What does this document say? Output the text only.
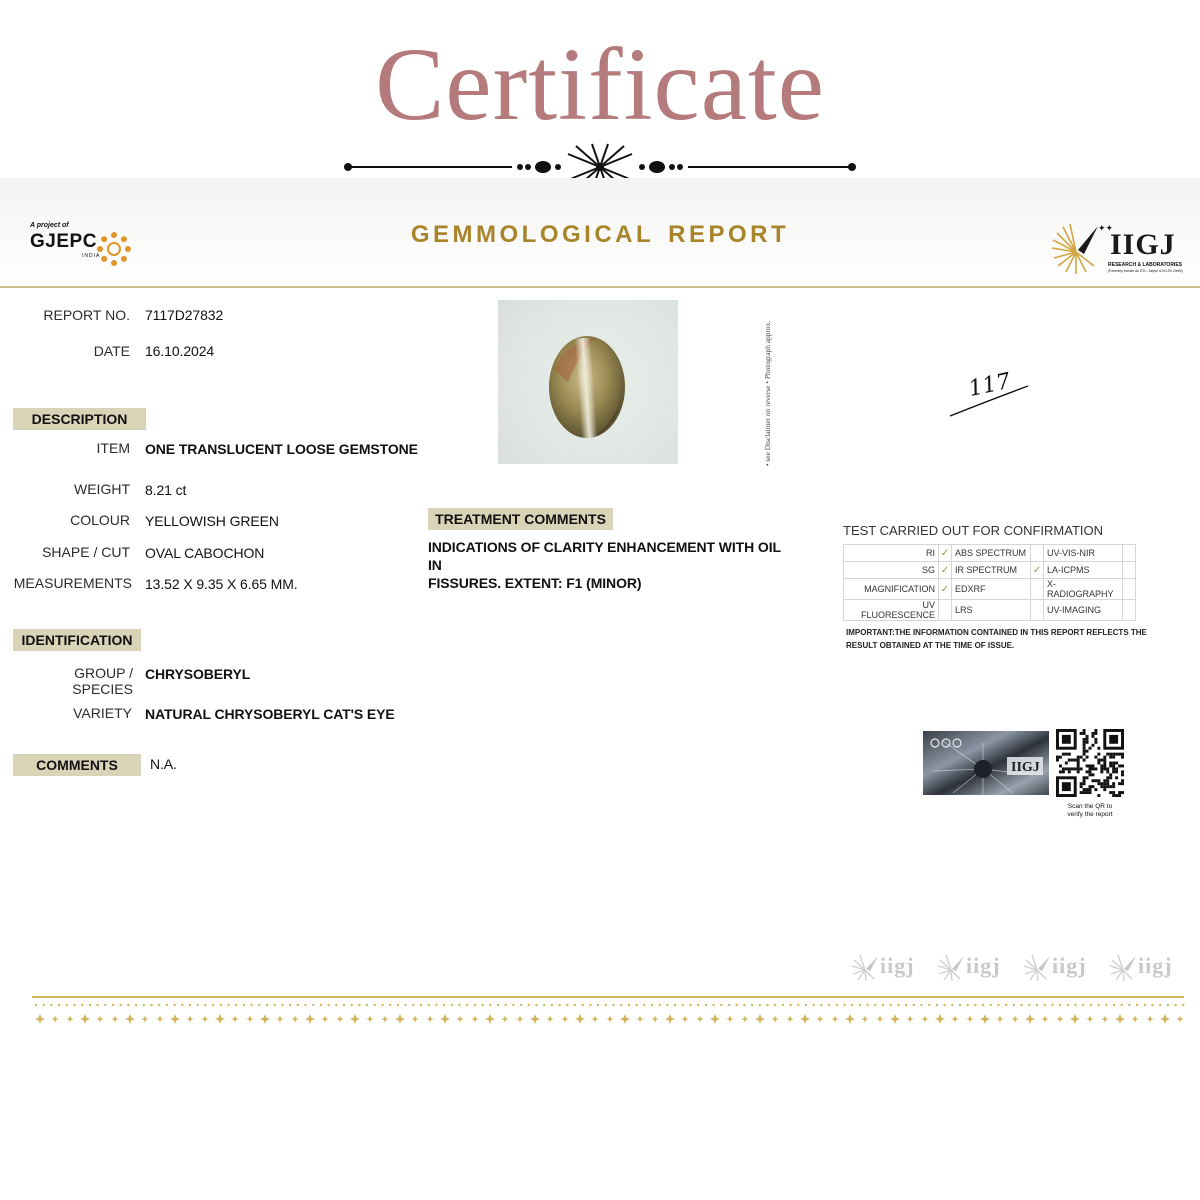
Certificate
GEMMOLOGICAL REPORT
A project of
GJEPC
INDIA
✦✦
IIGJ
RESEARCH & LABORATORIES
(Formerly known as GTL, Jaipur & IIG-RL Delhi)
REPORT NO. 7117D27832
DATE 16.10.2024
DESCRIPTION
ITEM ONE TRANSLUCENT LOOSE GEMSTONE
WEIGHT 8.21 ct
COLOUR YELLOWISH GREEN
SHAPE / CUT OVAL CABOCHON
MEASUREMENTS 13.52 X 9.35 X 6.65 MM.
IDENTIFICATION
GROUP / SPECIES
CHRYSOBERYL
VARIETY NATURAL CHRYSOBERYL CAT'S EYE
COMMENTS	N.A.
• see Disclaimer on reverse • Photograph approx.	117
TREATMENT COMMENTS
INDICATIONS OF CLARITY ENHANCEMENT WITH OIL IN
FISSURES. EXTENT: F1 (MINOR)
TEST CARRIED OUT FOR CONFIRMATION
RI	✓	ABS SPECTRUM		UV-VIS-NIR	
SG	✓	IR SPECTRUM	✓	LA-ICPMS	
MAGNIFICATION	✓	EDXRF		X-RADIOGRAPHY	
UV FLUORESCENCE		LRS		UV-IMAGING	
IMPORTANT:THE INFORMATION CONTAINED IN THIS REPORT REFLECTS THE RESULT OBTAINED AT THE TIME OF ISSUE.
IIGJ
Scan the QR to
verify the report
iigj iigj iigj iigj
